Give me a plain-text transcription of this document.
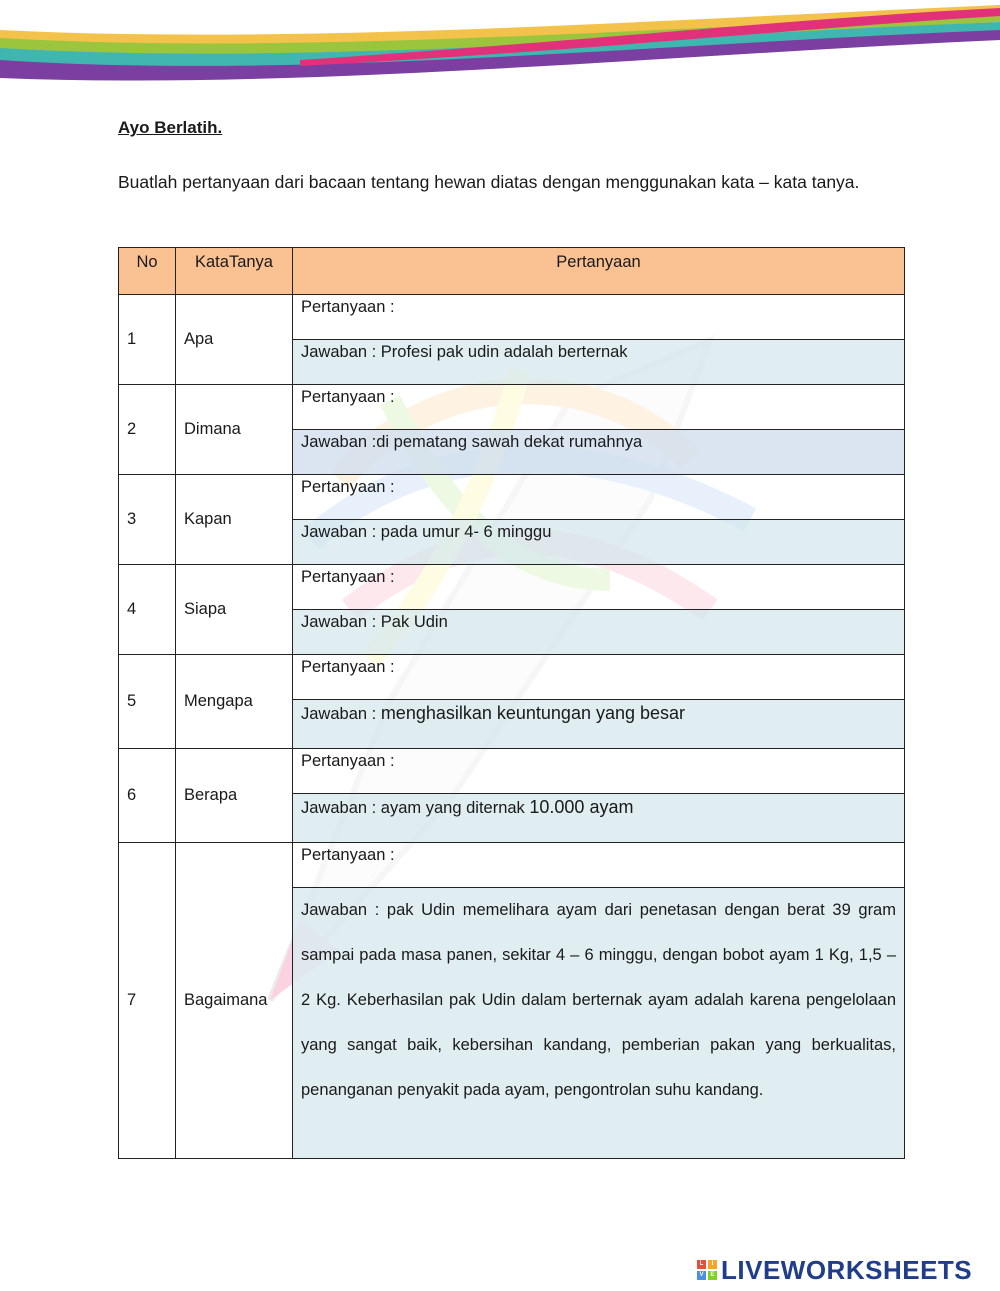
Ayo Berlatih.
Buatlah pertanyaan dari bacaan tentang hewan diatas dengan menggunakan kata – kata tanya.
No	KataTanya	Pertanyaan
1	Apa	Pertanyaan :
		Jawaban : Profesi pak udin adalah berternak
2	Dimana	Pertanyaan :
		Jawaban :di pematang sawah dekat rumahnya
3	Kapan	Pertanyaan :
		Jawaban : pada umur 4- 6 minggu
4	Siapa	Pertanyaan :
		Jawaban : Pak Udin
5	Mengapa	Pertanyaan :
		Jawaban : menghasilkan keuntungan yang besar
6	Berapa	Pertanyaan :
		Jawaban : ayam yang diternak 10.000 ayam
7	Bagaimana	Pertanyaan :
		Jawaban : pak Udin memelihara ayam dari penetasan dengan berat 39 gram sampai pada masa panen, sekitar 4 – 6 minggu, dengan bobot ayam 1 Kg, 1,5 – 2 Kg. Keberhasilan pak Udin dalam berternak ayam adalah karena pengelolaan yang sangat baik, kebersihan kandang, pemberian pakan yang berkualitas, penanganan penyakit pada ayam, pengontrolan suhu kandang.
L	I
V	E LIVEWORKSHEETS
